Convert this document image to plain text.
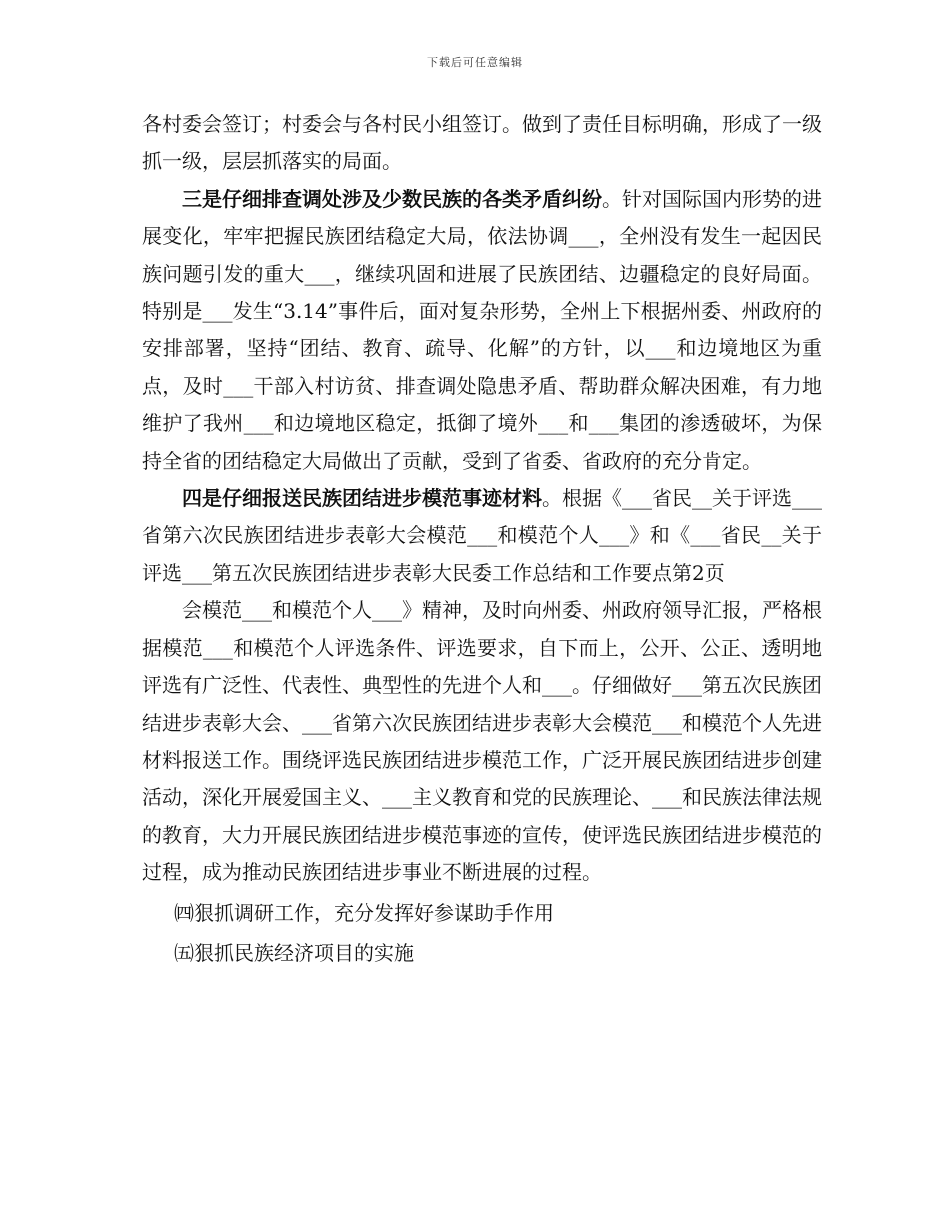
下载后可任意编辑

各村委会签订；村委会与各村民小组签订。做到了责任目标明确，形成了一级抓一级，层层抓落实的局面。

三是仔细排查调处涉及少数民族的各类矛盾纠纷。针对国际国内形势的进展变化，牢牢把握民族团结稳定大局，依法协调___，全州没有发生一起因民族问题引发的重大___，继续巩固和进展了民族团结、边疆稳定的良好局面。特别是___发生“3.14”事件后，面对复杂形势，全州上下根据州委、州政府的安排部署，坚持“团结、教育、疏导、化解”的方针，以___和边境地区为重点，及时___干部入村访贫、排查调处隐患矛盾、帮助群众解决困难，有力地维护了我州___和边境地区稳定，抵御了境外___和___集团的渗透破坏，为保持全省的团结稳定大局做出了贡献，受到了省委、省政府的充分肯定。

四是仔细报送民族团结进步模范事迹材料。根据《___省民__关于评选___省第六次民族团结进步表彰大会模范___和模范个人___》和《___省民__关于评选___第五次民族团结进步表彰大民委工作总结和工作要点第2页

会模范___和模范个人___》精神，及时向州委、州政府领导汇报，严格根据模范___和模范个人评选条件、评选要求，自下而上，公开、公正、透明地评选有广泛性、代表性、典型性的先进个人和___。仔细做好___第五次民族团结进步表彰大会、___省第六次民族团结进步表彰大会模范___和模范个人先进材料报送工作。围绕评选民族团结进步模范工作，广泛开展民族团结进步创建活动，深化开展爱国主义、___主义教育和党的民族理论、___和民族法律法规的教育，大力开展民族团结进步模范事迹的宣传，使评选民族团结进步模范的过程，成为推动民族团结进步事业不断进展的过程。

㈣狠抓调研工作，充分发挥好参谋助手作用

㈤狠抓民族经济项目的实施
